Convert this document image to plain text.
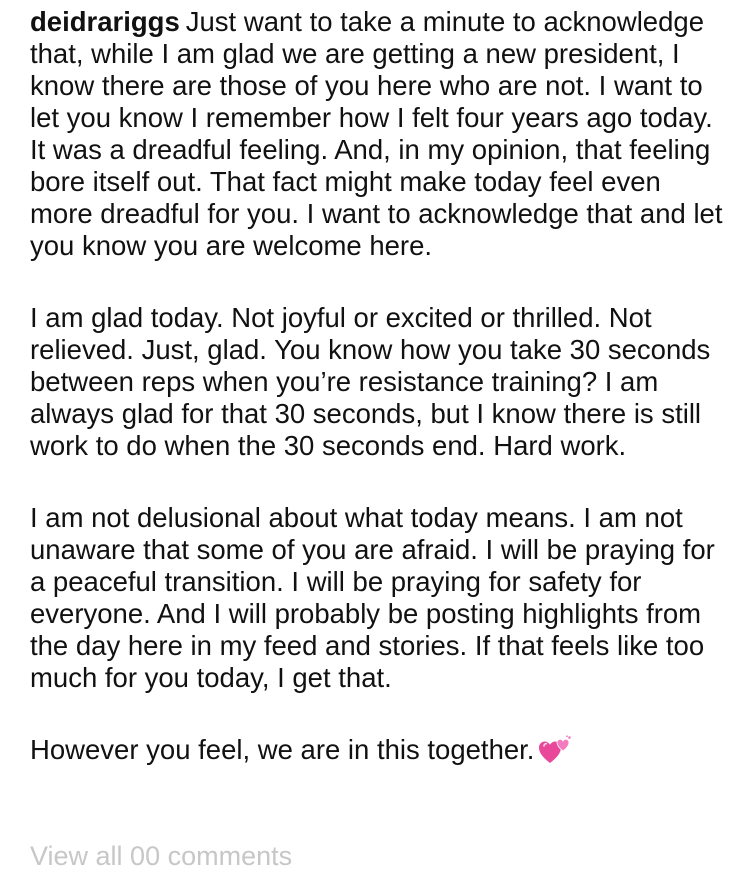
deidrariggs Just want to take a minute to acknowledge that, while I am glad we are getting a new president, I know there are those of you here who are not. I want to let you know I remember how I felt four years ago today. It was a dreadful feeling. And, in my opinion, that feeling bore itself out. That fact might make today feel even more dreadful for you. I want to acknowledge that and let you know you are welcome here.

I am glad today. Not joyful or excited or thrilled. Not relieved. Just, glad. You know how you take 30 seconds between reps when you’re resistance training? I am always glad for that 30 seconds, but I know there is still work to do when the 30 seconds end. Hard work.

I am not delusional about what today means. I am not unaware that some of you are afraid. I will be praying for a peaceful transition. I will be praying for safety for everyone. And I will probably be posting highlights from the day here in my feed and stories. If that feels like too much for you today, I get that.

However you feel, we are in this together.

View all 00 comments
